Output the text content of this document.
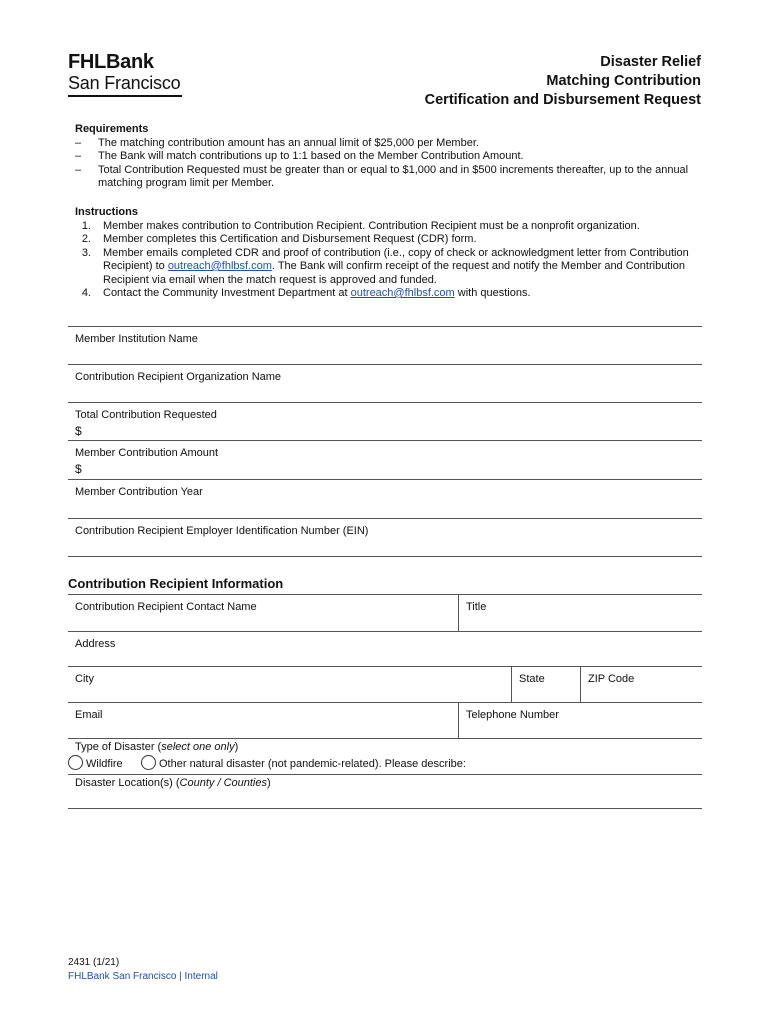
FHLBank
San Francisco
Disaster Relief
Matching Contribution
Certification and Disbursement Request
Requirements
–	The matching contribution amount has an annual limit of $25,000 per Member.
–	The Bank will match contributions up to 1:1 based on the Member Contribution Amount.
–	Total Contribution Requested must be greater than or equal to $1,000 and in $500 increments thereafter, up to the annual matching program limit per Member.
Instructions
1. Member makes contribution to Contribution Recipient. Contribution Recipient must be a nonprofit organization.
2. Member completes this Certification and Disbursement Request (CDR) form.
3. Member emails completed CDR and proof of contribution (i.e., copy of check or acknowledgment letter from Contribution Recipient) to outreach@fhlbsf.com. The Bank will confirm receipt of the request and notify the Member and Contribution Recipient via email when the match request is approved and funded.
4. Contact the Community Investment Department at outreach@fhlbsf.com with questions.
Member Institution Name
Contribution Recipient Organization Name
Total Contribution Requested
$
Member Contribution Amount
$
Member Contribution Year
Contribution Recipient Employer Identification Number (EIN)
Contribution Recipient Information
Contribution Recipient Contact Name	Title
Address
City	State	ZIP Code
Email	Telephone Number
Type of Disaster (select one only)
Wildfire	Other natural disaster (not pandemic-related). Please describe:
Disaster Location(s) (County / Counties)
2431 (1/21)
FHLBank San Francisco | Internal
